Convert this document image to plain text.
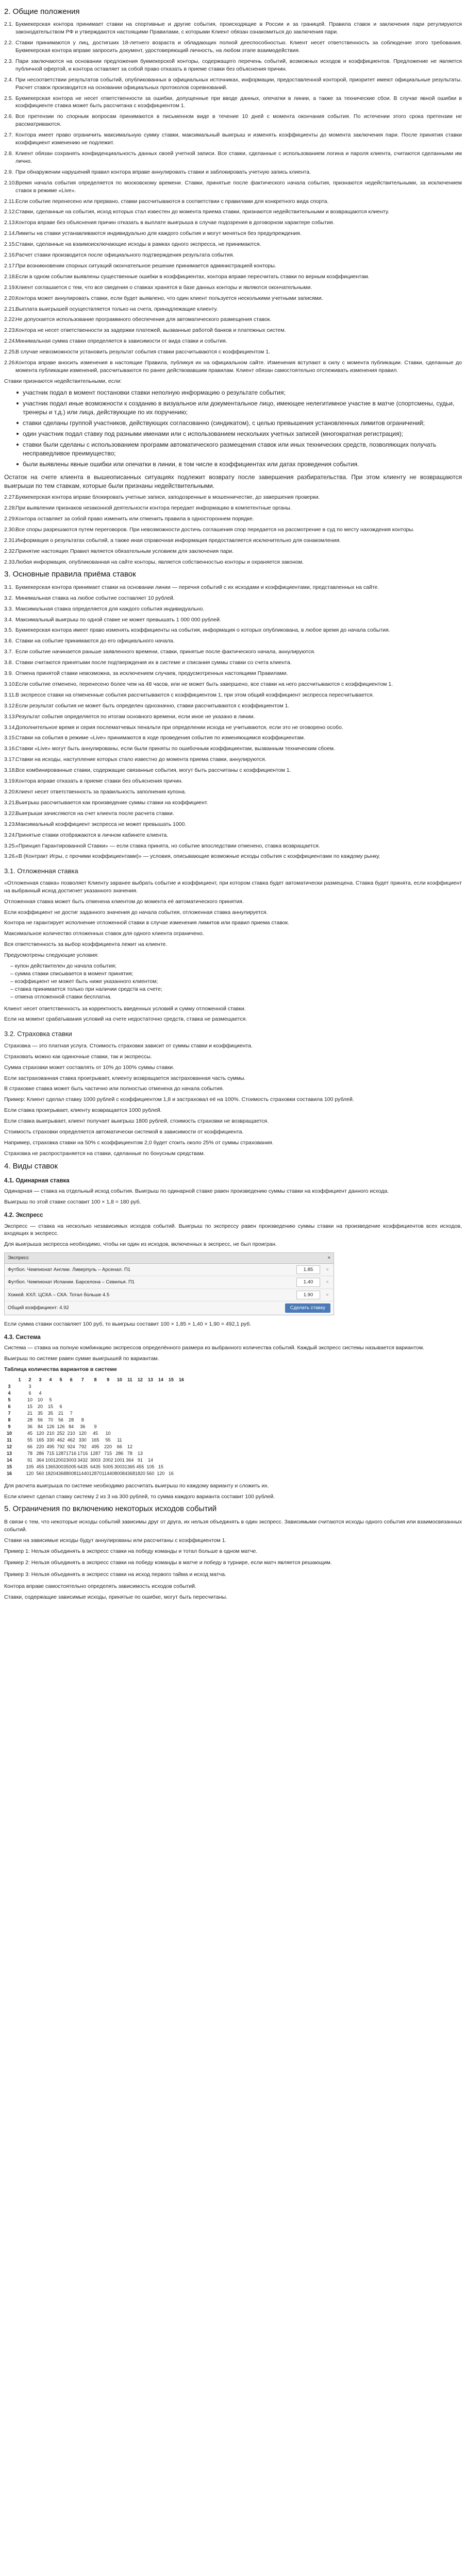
2. Общие положения
2.1. Букмекерская контора принимает ставки на спортивные и другие события, происходящие в России и за границей. Правила ставок и заключения пари регулируются законодательством РФ и утверждаются настоящими Правилами, с которыми Клиент обязан ознакомиться до заключения пари.
2.2. Ставки принимаются у лиц, достигших 18-летнего возраста и обладающих полной дееспособностью. Клиент несет ответственность за соблюдение этого требования. Букмекерская контора вправе запросить документ, удостоверяющий личность, на любом этапе взаимодействия.
2.3. Пари заключаются на основании предложения букмекерской конторы, содержащего перечень событий, возможных исходов и коэффициентов. Предложение не является публичной офертой, и контора оставляет за собой право отказать в приеме ставки без объяснения причин.
2.4. При несоответствии результатов событий, опубликованных в официальных источниках, информации, предоставленной конторой, приоритет имеют официальные результаты. Расчет ставок производится на основании официальных протоколов соревнований.
2.5. Букмекерская контора не несет ответственности за ошибки, допущенные при вводе данных, опечатки в линии, а также за технические сбои. В случае явной ошибки в коэффициенте ставка может быть рассчитана с коэффициентом 1.
2.6. Все претензии по спорным вопросам принимаются в письменном виде в течение 10 дней с момента окончания события. По истечении этого срока претензии не рассматриваются.
2.7. Контора имеет право ограничить максимальную сумму ставки, максимальный выигрыш и изменять коэффициенты до момента заключения пари. После принятия ставки коэффициент изменению не подлежит.
2.8. Клиент обязан сохранять конфиденциальность данных своей учетной записи. Все ставки, сделанные с использованием логина и пароля клиента, считаются сделанными им лично.
2.9. При обнаружении нарушений правил контора вправе аннулировать ставки и заблокировать учетную запись клиента.
2.10.
Время начала события определяется по московскому времени. Ставки, принятые после фактического начала события, признаются недействительными, за исключением ставок в режиме «Live».
2.11. Если событие перенесено или прервано, ставки рассчитываются в соответствии с правилами для конкретного вида спорта.
2.12.
Ставки, сделанные на события, исход которых стал известен до момента приема ставки, признаются недействительными и возвращаются клиенту.
2.13.
Контора вправе без объяснения причин отказать в выплате выигрыша в случае подозрения в договорном характере события.
2.14.
Лимиты на ставки устанавливаются индивидуально для каждого события и могут меняться без предупреждения.
2.15.
Ставки, сделанные на взаимоисключающие исходы в рамках одного экспресса, не принимаются.
2.16.
Расчет ставки производится после официального подтверждения результата события.
2.17.
При возникновении спорных ситуаций окончательное решение принимается администрацией конторы.
2.18.
Если в одном событии выявлены существенные ошибки в коэффициентах, контора вправе пересчитать ставки по верным коэффициентам.
2.19.
Клиент соглашается с тем, что все сведения о ставках хранятся в базе данных конторы и являются окончательными.
2.20.
Контора может аннулировать ставки, если будет выявлено, что один клиент пользуется несколькими учетными записями.
2.21.
Выплата выигрышей осуществляется только на счета, принадлежащие клиенту.
2.22.
Не допускается использование программного обеспечения для автоматического размещения ставок.
2.23.
Контора не несет ответственности за задержки платежей, вызванные работой банков и платежных систем.
2.24.
Минимальная сумма ставки определяется в зависимости от вида ставки и события.
2.25.
В случае невозможности установить результат события ставки рассчитываются с коэффициентом 1.
2.26.
Контора вправе вносить изменения в настоящие Правила, публикуя их на официальном сайте. Изменения вступают в силу с момента публикации. Ставки, сделанные до момента публикации изменений, рассчитываются по ранее действовавшим правилам. Клиент обязан самостоятельно отслеживать изменения правил.

Ставки признаются недействительными, если:

участник подал в момент постановки ставки неполную информацию о результате события;
участник подал иные возможности к созданию в визуальное или документальное лицо, имеющее нелегитимное участие в матче (спортсмены, судьи, тренеры и т.д.) или лица, действующие по их поручению;
ставки сделаны группой участников, действующих согласованно (синдикатом), с целью превышения установленных лимитов ограничений;
один участник подал ставку под разными именами или с использованием нескольких учетных записей (многократная регистрация);
ставки были сделаны с использованием программ автоматического размещения ставок или иных технических средств, позволяющих получать несправедливое преимущество;
были выявлены явные ошибки или опечатки в линии, в том числе в коэффициентах или датах проведения события.

Остаток на счете клиента в вышеописанных ситуациях подлежит возврату после завершения разбирательства. При этом клиенту не возвращаются выигрыши по тем ставкам, которые были признаны недействительными.

2.27.
Букмекерская контора вправе блокировать учетные записи, заподозренные в мошенничестве, до завершения проверки.
2.28.
При выявлении признаков незаконной деятельности контора передает информацию в компетентные органы.
2.29.
Контора оставляет за собой право изменить или отменить правила в одностороннем порядке.
2.30.
Все споры разрешаются путем переговоров. При невозможности достичь соглашения спор передается на рассмотрение в суд по месту нахождения конторы.
2.31.
Информация о результатах событий, а также иная справочная информация предоставляется исключительно для ознакомления.
2.32.
Принятие настоящих Правил является обязательным условием для заключения пари.
2.33.
Любая информация, опубликованная на сайте конторы, является собственностью конторы и охраняется законом.
3. Основные правила приёма ставок
3.1. Букмекерская контора принимает ставки на основании линии — перечня событий с их исходами и коэффициентами, представленных на сайте.
3.2. Минимальная ставка на любое событие составляет 10 рублей.
3.3. Максимальная ставка определяется для каждого события индивидуально.
3.4. Максимальный выигрыш по одной ставке не может превышать 1 000 000 рублей.
3.5. Букмекерская контора имеет право изменять коэффициенты на события, информация о которых опубликована, в любое время до начала события.
3.6. Ставки на событие принимаются до его официального начала.
3.7. Если событие начинается раньше заявленного времени, ставки, принятые после фактического начала, аннулируются.
3.8. Ставки считаются принятыми после подтверждения их в системе и списания суммы ставки со счета клиента.
3.9. Отмена принятой ставки невозможна, за исключением случаев, предусмотренных настоящими Правилами.
3.10.
Если событие отменено, перенесено более чем на 48 часов, или не может быть завершено, все ставки на него рассчитываются с коэффициентом 1.
3.11. В экспрессе ставки на отмененные события рассчитываются с коэффициентом 1, при этом общий коэффициент экспресса пересчитывается.
3.12.
Если результат события не может быть определен однозначно, ставки рассчитываются с коэффициентом 1.
3.13.
Результат события определяется по итогам основного времени, если иное не указано в линии.
3.14.
Дополнительное время и серия послематчевых пенальти при определении исхода не учитываются, если это не оговорено особо.
3.15.
Ставки на события в режиме «Live» принимаются в ходе проведения события по изменяющимся коэффициентам.
3.16.
Ставки «Live» могут быть аннулированы, если были приняты по ошибочным коэффициентам, вызванным техническим сбоем.
3.17.
Ставки на исходы, наступление которых стало известно до момента приема ставки, аннулируются.
3.18.
Все комбинированные ставки, содержащие связанные события, могут быть рассчитаны с коэффициентом 1.
3.19.
Контора вправе отказать в приеме ставки без объяснения причин.
3.20.
Клиент несет ответственность за правильность заполнения купона.
3.21.
Выигрыш рассчитывается как произведение суммы ставки на коэффициент.
3.22.
Выигрыши зачисляются на счет клиента после расчета ставки.
3.23.
Максимальный коэффициент экспресса не может превышать 1000.
3.24.
Принятые ставки отображаются в личном кабинете клиента.
3.25.
«Принцип Гарантированной Ставки» — если ставка принята, но событие впоследствии отменено, ставка возвращается.
3.26.
«В (Контракт Игры, с прочими коэффициентами)» — условия, описывающие возможные исходы события с коэффициентами по каждому рынку.
3.1. Отложенная ставка

«Отложенная ставка» позволяет Клиенту заранее выбрать событие и коэффициент, при котором ставка будет автоматически размещена. Ставка будет принята, если коэффициент на выбранный исход достигнет указанного значения.

Отложенная ставка может быть отменена клиентом до момента её автоматического принятия.

Если коэффициент не достиг заданного значения до начала события, отложенная ставка аннулируется.

Контора не гарантирует исполнение отложенной ставки в случае изменения лимитов или правил приема ставок.

Максимальное количество отложенных ставок для одного клиента ограничено.

Вся ответственность за выбор коэффициента лежит на клиенте.

Предусмотрены следующие условия:

– купон действителен до начала события;
– сумма ставки списывается в момент принятия;
– коэффициент не может быть ниже указанного клиентом;
– ставка принимается только при наличии средств на счете;
– отмена отложенной ставки бесплатна.

Клиент несет ответственность за корректность введенных условий и сумму отложенной ставки.

Если на момент срабатывания условий на счете недостаточно средств, ставка не размещается.

3.2. Страховка ставки

Страховка — это платная услуга. Стоимость страховки зависит от суммы ставки и коэффициента.

Страховать можно как одиночные ставки, так и экспрессы.

Сумма страховки может составлять от 10% до 100% суммы ставки.

Если застрахованная ставка проигрывает, клиенту возвращается застрахованная часть суммы.

В страховке ставка может быть частично или полностью отменена до начала события.

Пример: Клиент сделал ставку 1000 рублей с коэффициентом 1,8 и застраховал её на 100%. Стоимость страховки составила 100 рублей.

Если ставка проигрывает, клиенту возвращается 1000 рублей.

Если ставка выигрывает, клиент получает выигрыш 1800 рублей, стоимость страховки не возвращается.

Стоимость страховки определяется автоматически системой в зависимости от коэффициента.

Например, страховка ставки на 50% с коэффициентом 2,0 будет стоить около 25% от суммы страхования.

Страховка не распространяется на ставки, сделанные по бонусным средствам.

4. Виды ставок
4.1. Одинарная ставка

Одинарная — ставка на отдельный исход события. Выигрыш по одинарной ставке равен произведению суммы ставки на коэффициент данного исхода.

Выигрыш по этой ставке составит 100 × 1,8 = 180 руб.

4.2. Экспресс

Экспресс — ставка на несколько независимых исходов событий. Выигрыш по экспрессу равен произведению суммы ставки на произведение коэффициентов всех исходов, входящих в экспресс.

Для выигрыша экспресса необходимо, чтобы ни один из исходов, включенных в экспресс, не был проигран.

Экспресс	×
Футбол. Чемпионат Англии. Ливерпуль – Арсенал. П1	1.85	×
Футбол. Чемпионат Испании. Барселона – Севилья. П1	1.40	×
Хоккей. КХЛ. ЦСКА – СКА. Тотал больше 4.5	1.90	×
Общий коэффициент: 4.92	Сделать ставку

Если сумма ставки составляет 100 руб, то выигрыш составит 100 × 1,85 × 1,40 × 1,90 = 492,1 руб.

4.3. Система

Система — ставка на полную комбинацию экспрессов определённого размера из выбранного количества событий. Каждый экспресс системы называется вариантом.

Выигрыш по системе равен сумме выигрышей по вариантам.

Таблица количества вариантов в системе

	1	2	3	4	5	6	7	8	9	10	11	12	13	14	15	16
3		3														
4		6	4													
5		10	10	5												
6		15	20	15	6											
7		21	35	35	21	7										
8		28	56	70	56	28	8									
9		36	84	126	126	84	36	9								
10		45	120	210	252	210	120	45	10							
11		55	165	330	462	462	330	165	55	11						
12		66	220	495	792	924	792	495	220	66	12					
13		78	286	715	1287	1716	1716	1287	715	286	78	13				
14		91	364	1001	2002	3003	3432	3003	2002	1001	364	91	14			
15		105	455	1365	3003	5005	6435	6435	5005	3003	1365	455	105	15		
16		120	560	1820	4368	8008	11440	12870	11440	8008	4368	1820	560	120	16	

Для расчета выигрыша по системе необходимо рассчитать выигрыш по каждому варианту и сложить их.

Если клиент сделал ставку систему 2 из 3 на 300 рублей, то сумма каждого варианта составит 100 рублей.

5. Ограничения по включению некоторых исходов событий

В связи с тем, что некоторые исходы событий зависимы друг от друга, их нельзя объединять в один экспресс. Зависимыми считаются исходы одного события или взаимосвязанных событий.

Ставки на зависимые исходы будут аннулированы или рассчитаны с коэффициентом 1.

Пример 1: Нельзя объединять в экспресс ставки на победу команды и тотал больше в одном матче.

Пример 2: Нельзя объединять в экспресс ставки на победу команды в матче и победу в турнире, если матч является решающим.

Пример 3: Нельзя объединять в экспресс ставки на исход первого тайма и исход матча.

Контора вправе самостоятельно определять зависимость исходов событий.

Ставки, содержащие зависимые исходы, принятые по ошибке, могут быть пересчитаны.
